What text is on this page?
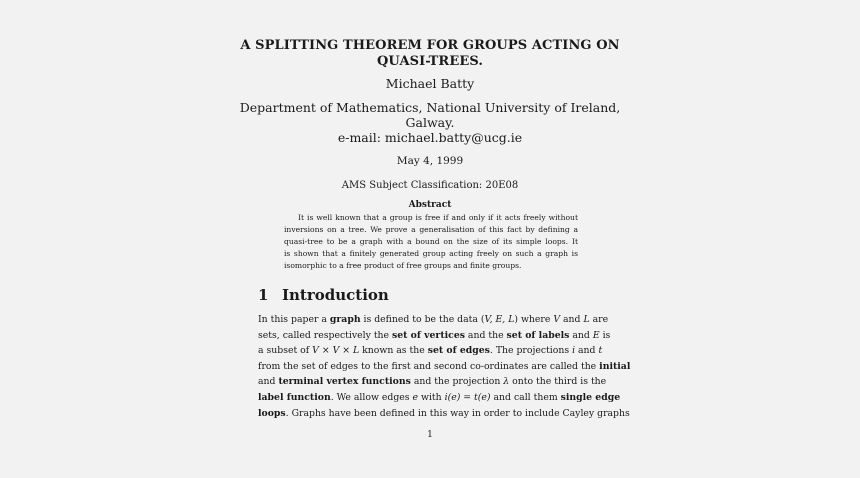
A SPLITTING THEOREM FOR GROUPS ACTING ON
QUASI-TREES.
Michael Batty
Department of Mathematics, National University of Ireland,
Galway.
e-mail: michael.batty@ucg.ie
May 4, 1999
AMS Subject Classification: 20E08
Abstract
It is well known that a group is free if and only if it acts freely without
inversions on a tree. We prove a generalisation of this fact by defining a
quasi-tree to be a graph with a bound on the size of its simple loops. It
is shown that a finitely generated group acting freely on such a graph is
isomorphic to a free product of free groups and finite groups.
1 Introduction
In this paper a graph is defined to be the data (V, E, L) where V and L are
sets, called respectively the set of vertices and the set of labels and E is
a subset of V × V × L known as the set of edges. The projections i and t
from the set of edges to the first and second co-ordinates are called the initial
and terminal vertex functions and the projection λ onto the third is the
label function. We allow edges e with i(e) = t(e) and call them single edge
loops. Graphs have been defined in this way in order to include Cayley graphs
1
